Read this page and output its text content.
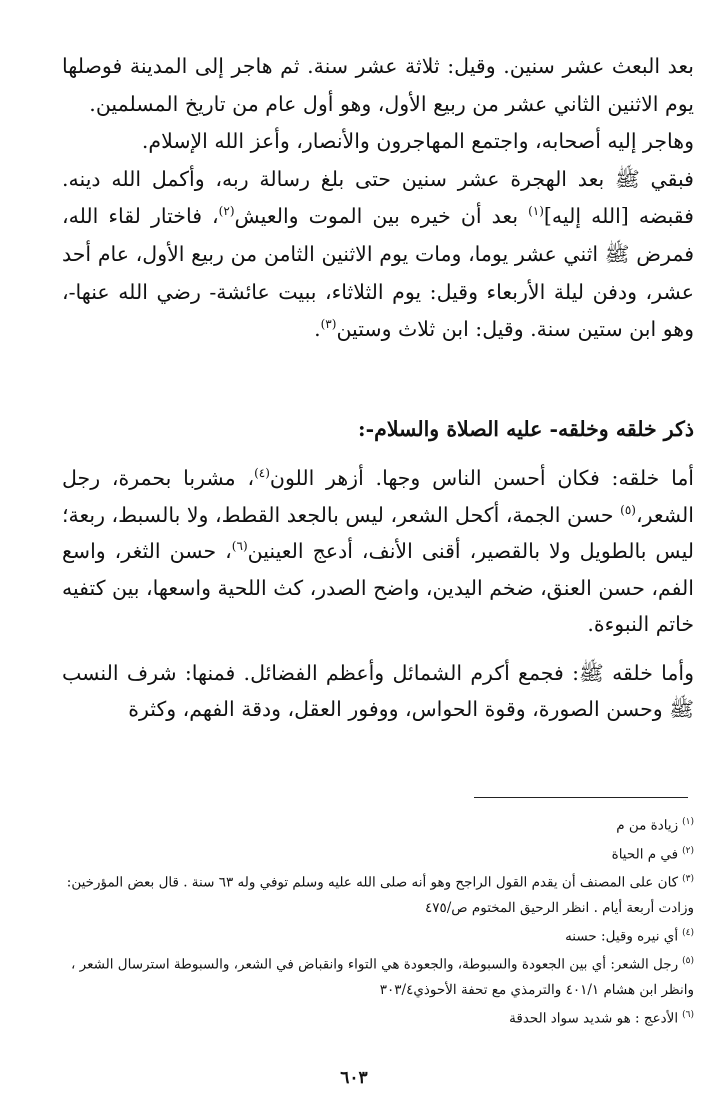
بعد البعث عشر سنين. وقيل: ثلاثة عشر سنة. ثم هاجر إلى المدينة فوصلها يوم الاثنين الثاني عشر من ربيع الأول، وهو أول عام من تاريخ المسلمين.

وهاجر إليه أصحابه، واجتمع المهاجرون والأنصار، وأعز الله الإسلام.

فبقي ﷺ بعد الهجرة عشر سنين حتى بلغ رسالة ربه، وأكمل الله دينه. فقبضه [الله إليه]$^{(١)}$ بعد أن خيره بين الموت والعيش$^{(٢)}$، فاختار لقاء الله، فمرض ﷺ اثني عشر يوما، ومات يوم الاثنين الثامن من ربيع الأول، عام أحد عشر، ودفن ليلة الأربعاء وقيل: يوم الثلاثاء، ببيت عائشة- رضي الله عنها-، وهو ابن ستين سنة. وقيل: ابن ثلاث وستين$^{(٣)}$.

ذكر خلقه وخلقه- عليه الصلاة والسلام-:

أما خلقه: فكان أحسن الناس وجها. أزهر اللون$^{(٤)}$، مشربا بحمرة، رجل الشعر،$^{(٥)}$ حسن الجمة، أكحل الشعر، ليس بالجعد القطط، ولا بالسبط، ربعة؛ ليس بالطويل ولا بالقصير، أقنى الأنف، أدعج العينين$^{(٦)}$، حسن الثغر، واسع الفم، حسن العنق، ضخم اليدين، واضح الصدر، كث اللحية واسعها، بين كتفيه خاتم النبوءة.

وأما خلقه ﷺ: فجمع أكرم الشمائل وأعظم الفضائل. فمنها: شرف النسب ﷺ وحسن الصورة، وقوة الحواس، ووفور العقل، ودقة الفهم، وكثرة

$^{(١)}$زيادة من م

$^{(٢)}$في م الحياة

$^{(٣)}$كان على المصنف أن يقدم القول الراجح وهو أنه صلى الله عليه وسلم توفي وله ٦٣ سنة . قال بعض المؤرخين: وزادت أربعة أيام . انظر الرحيق المختوم ص/٤٧٥

$^{(٤)}$أي نيره وقيل: حسنه

$^{(٥)}$رجل الشعر: أي بين الجعودة والسبوطة، والجعودة هي التواء وانقباض في الشعر، والسبوطة استرسال الشعر ، وانظر ابن هشام ٤٠١/١ والترمذي مع تحفة الأحوذي٣٠٣/٤

$^{(٦)}$الأدعج : هو شديد سواد الحدقة

٦٠٣
